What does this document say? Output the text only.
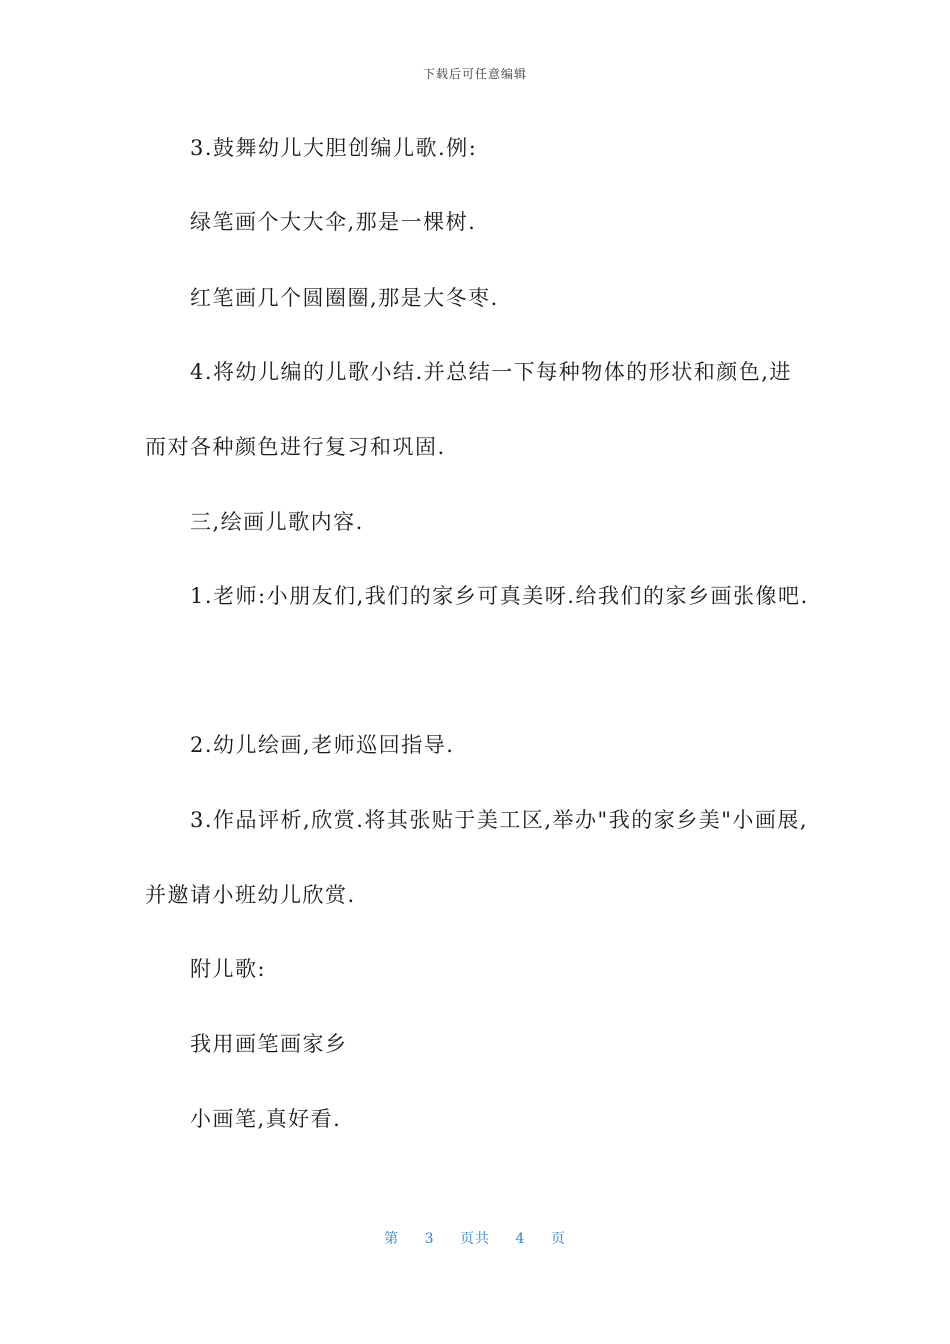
下载后可任意编辑
3.鼓舞幼儿大胆创编儿歌.例:
绿笔画个大大伞,那是一棵树.
红笔画几个圆圈圈,那是大冬枣.
4.将幼儿编的儿歌小结.并总结一下每种物体的形状和颜色,进
而对各种颜色进行复习和巩固.
三,绘画儿歌内容.
1.老师:小朋友们,我们的家乡可真美呀.给我们的家乡画张像吧.
2.幼儿绘画,老师巡回指导.
3.作品评析,欣赏.将其张贴于美工区,举办"我的家乡美"小画展,
并邀请小班幼儿欣赏.
附儿歌:
我用画笔画家乡
小画笔,真好看.
第 3 页共 4 页
